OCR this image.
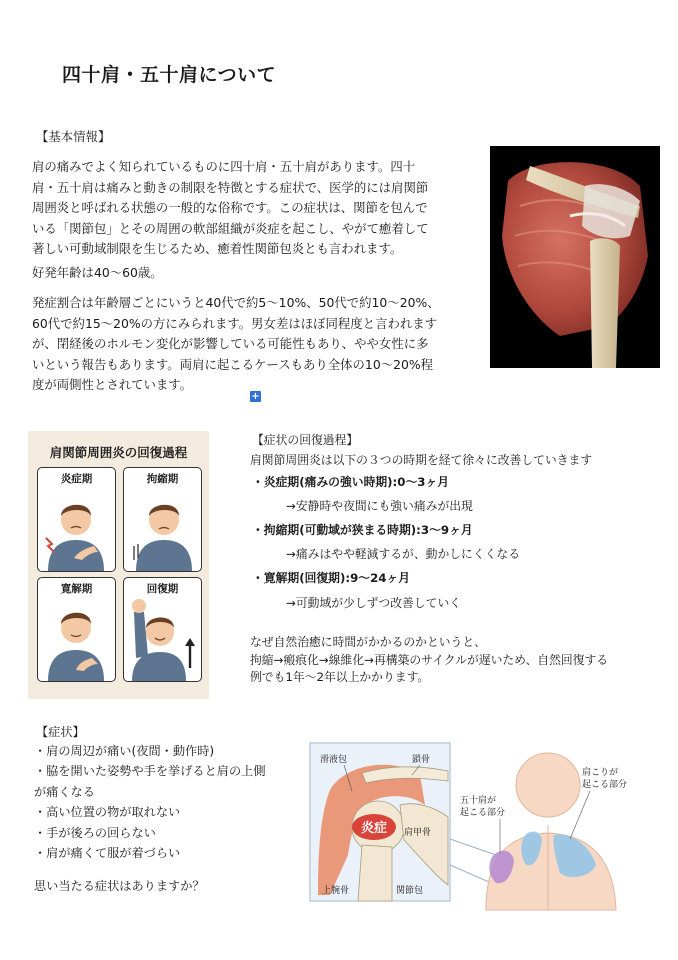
四十肩・五十肩について
【基本情報】
肩の痛みでよく知られているものに四十肩・五十肩があります。四十
肩・五十肩は痛みと動きの制限を特徴とする症状で、医学的には肩関節
周囲炎と呼ばれる状態の一般的な俗称です。この症状は、関節を包んで
いる「関節包」とその周囲の軟部組織が炎症を起こし、やがて癒着して
著しい可動域制限を生じるため、癒着性関節包炎とも言われます。
好発年齢は40〜60歳。
発症割合は年齢層ごとにいうと40代で約5〜10%、50代で約10〜20%、
60代で約15〜20%の方にみられます。男女差はほぼ同程度と言われます
が、閉経後のホルモン変化が影響している可能性もあり、やや女性に多
いという報告もあります。両肩に起こるケースもあり全体の10〜20%程
度が両側性とされています。
+
肩関節周囲炎の回復過程
炎症期	拘縮期
寛解期	回復期
【症状の回復過程】
肩関節周囲炎は以下の３つの時期を経て徐々に改善していきます
・炎症期(痛みの強い時期):0〜3ヶ月
→安静時や夜間にも強い痛みが出現
・拘縮期(可動域が狭まる時期):3〜9ヶ月
→痛みはやや軽減するが、動かしにくくなる
・寛解期(回復期):9〜24ヶ月
→可動域が少しずつ改善していく
なぜ自然治癒に時間がかかるのかというと、
拘縮→瘢痕化→線維化→再構築のサイクルが遅いため、自然回復する
例でも1年〜2年以上かかります。
【症状】
・肩の周辺が痛い(夜間・動作時)
・脇を開いた姿勢や手を挙げると肩の上側
が痛くなる
・高い位置の物が取れない
・手が後ろの回らない
・肩が痛くて服が着づらい
思い当たる症状はありますか？
炎症
滑液包	鎖骨
肩甲骨
上腕骨	関節包
五十肩が
起こる部分
肩こりが
起こる部分
